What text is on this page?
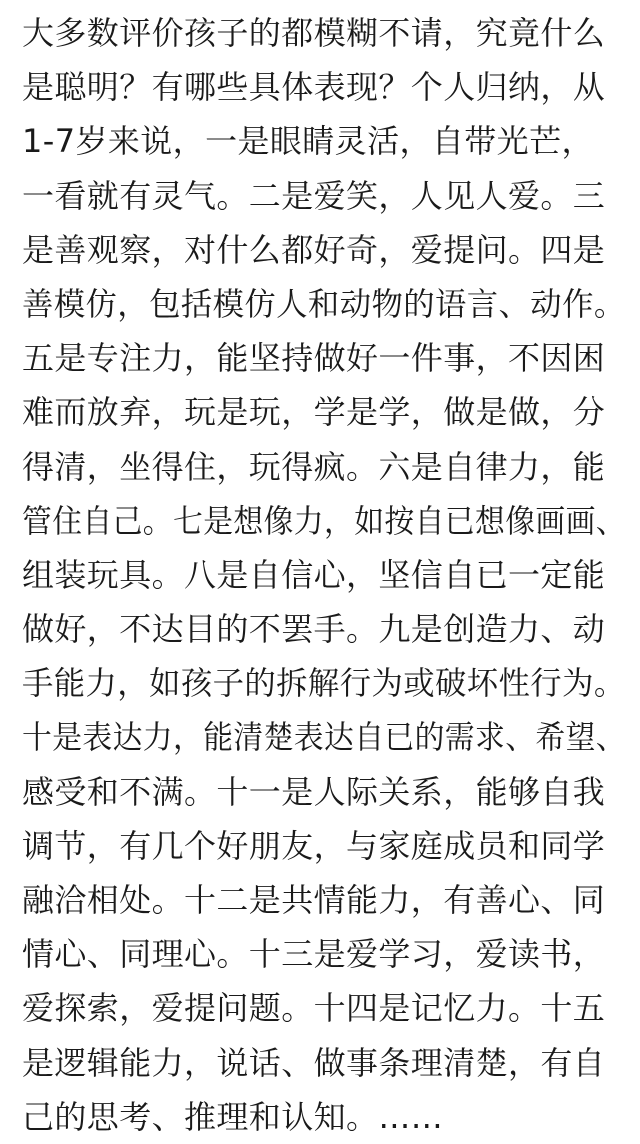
大多数评价孩子的都模糊不请，究竟什么
是聪明？有哪些具体表现？个人归纳，从
1-7岁来说，一是眼睛灵活，自带光芒，
一看就有灵气。二是爱笑，人见人爱。三
是善观察，对什么都好奇，爱提问。四是
善模仿，包括模仿人和动物的语言、动作。
五是专注力，能坚持做好一件事，不因困
难而放弃，玩是玩，学是学，做是做，分
得清，坐得住，玩得疯。六是自律力，能
管住自己。七是想像力，如按自已想像画画、
组装玩具。八是自信心，坚信自已一定能
做好，不达目的不罢手。九是创造力、动
手能力，如孩子的拆解行为或破坏性行为。
十是表达力，能清楚表达自已的需求、希望、
感受和不满。十一是人际关系，能够自我
调节，有几个好朋友，与家庭成员和同学
融洽相处。十二是共情能力，有善心、同
情心、同理心。十三是爱学习，爱读书，
爱探索，爱提问题。十四是记忆力。十五
是逻辑能力，说话、做事条理清楚，有自
己的思考、推理和认知。……
